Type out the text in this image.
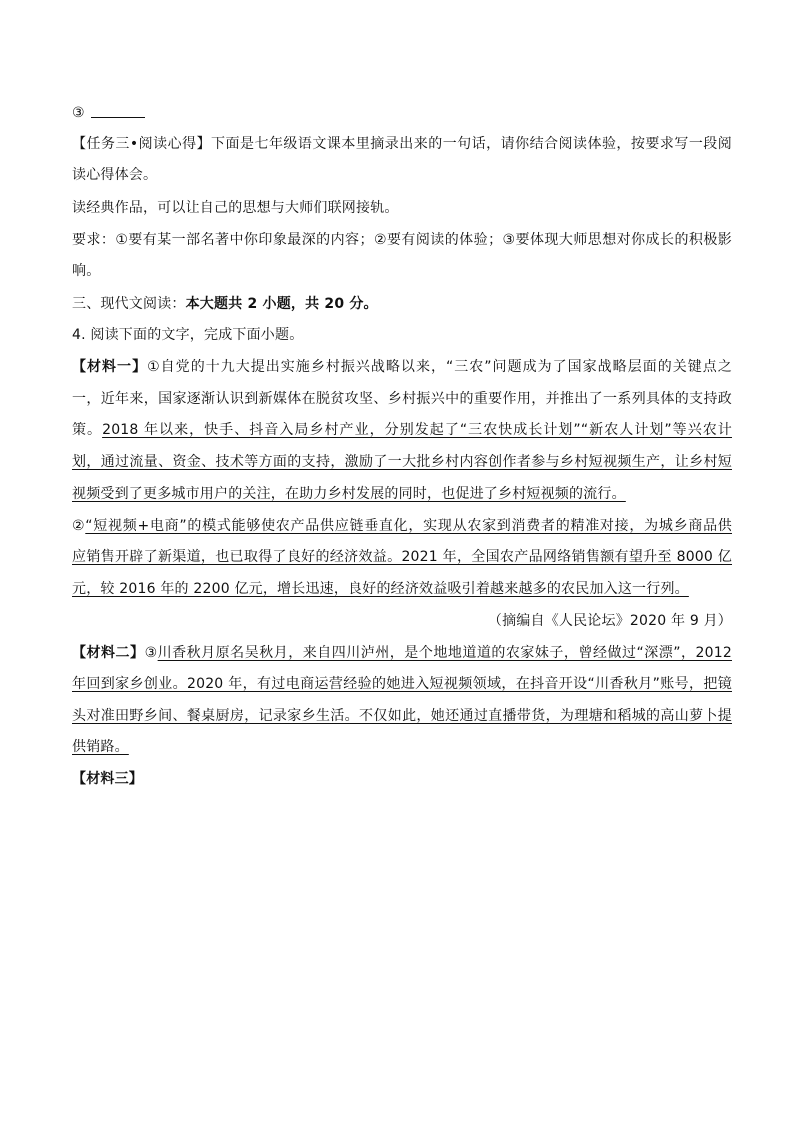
③
【任务三•阅读心得】下面是七年级语文课本里摘录出来的一句话，请你结合阅读体验，按要求写一段阅
读心得体会。
读经典作品，可以让自己的思想与大师们联网接轨。
要求：①要有某一部名著中你印象最深的内容；②要有阅读的体验；③要体现大师思想对你成长的积极影
响。
三、现代文阅读：本大题共 2 小题，共 20 分。
4. 阅读下面的文字，完成下面小题。
【材料一】①自党的十九大提出实施乡村振兴战略以来，“三农”问题成为了国家战略层面的关键点之
一，近年来，国家逐渐认识到新媒体在脱贫攻坚、乡村振兴中的重要作用，并推出了一系列具体的支持政
策。2018 年以来，快手、抖音入局乡村产业，分别发起了“三农快成长计划”“新农人计划”等兴农计
划，通过流量、资金、技术等方面的支持，激励了一大批乡村内容创作者参与乡村短视频生产，让乡村短
视频受到了更多城市用户的关注，在助力乡村发展的同时，也促进了乡村短视频的流行。
②“短视频+电商”的模式能够使农产品供应链垂直化，实现从农家到消费者的精准对接，为城乡商品供
应销售开辟了新渠道，也已取得了良好的经济效益。2021 年，全国农产品网络销售额有望升至 8000 亿
元，较 2016 年的 2200 亿元，增长迅速，良好的经济效益吸引着越来越多的农民加入这一行列。
（摘编自《人民论坛》2020 年 9 月）
【材料二】③川香秋月原名吴秋月，来自四川泸州，是个地地道道的农家妹子，曾经做过“深漂”，2012
年回到家乡创业。2020 年，有过电商运营经验的她进入短视频领域，在抖音开设“川香秋月”账号，把镜
头对准田野乡间、餐桌厨房，记录家乡生活。不仅如此，她还通过直播带货，为理塘和稻城的高山萝卜提
供销路。
【材料三】
